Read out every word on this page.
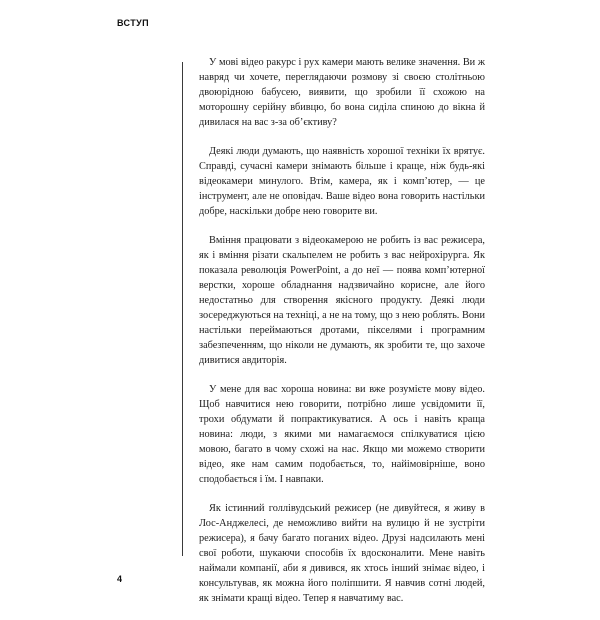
ВСТУП

У мові відео ракурс і рух камери мають велике значення. Ви ж навряд чи хочете, переглядаючи розмову зі своєю столітньою двоюрідною бабусею, виявити, що зробили її схожою на моторошну серійну вбивцю, бо вона сиділа спиною до вікна й дивилася на вас з-за об’єктиву?

Деякі люди думають, що наявність хорошої техніки їх врятує. Справді, сучасні камери знімають більше і краще, ніж будь-які відеокамери минулого. Втім, камера, як і комп’ютер, — це інструмент, але не оповідач. Ваше відео вона говорить настільки добре, наскільки добре нею говорите ви.

Вміння працювати з відеокамерою не робить із вас режисера, як і вміння різати скальпелем не робить з вас нейрохірурга. Як показала революція PowerPoint, а до неї — поява комп’ютерної верстки, хороше обладнання надзвичайно корисне, але його недостатньо для створення якісного продукту. Деякі люди зосереджуються на техніці, а не на тому, що з нею роблять. Вони настільки переймаються дротами, пікселями і програмним забезпеченням, що ніколи не думають, як зробити те, що захоче дивитися авдиторія.

У мене для вас хороша новина: ви вже розумієте мову відео. Щоб навчитися нею говорити, потрібно лише усвідомити її, трохи обдумати й попрактикуватися. А ось і навіть краща новина: люди, з якими ми намагаємося спілкуватися цією мовою, багато в чому схожі на нас. Якщо ми можемо створити відео, яке нам самим подобається, то, найімовірніше, воно сподобається і їм. І навпаки.

Як істинний голлівудський режисер (не дивуйтеся, я живу в Лос-Анджелесі, де неможливо вийти на вулицю й не зустріти режисера), я бачу багато поганих відео. Друзі надсилають мені свої роботи, шукаючи способів їх вдосконалити. Мене навіть наймали компанії, аби я дивився, як хтось інший знімає відео, і консультував, як можна його поліпшити. Я навчив сотні людей, як знімати кращі відео. Тепер я навчатиму вас.

4
